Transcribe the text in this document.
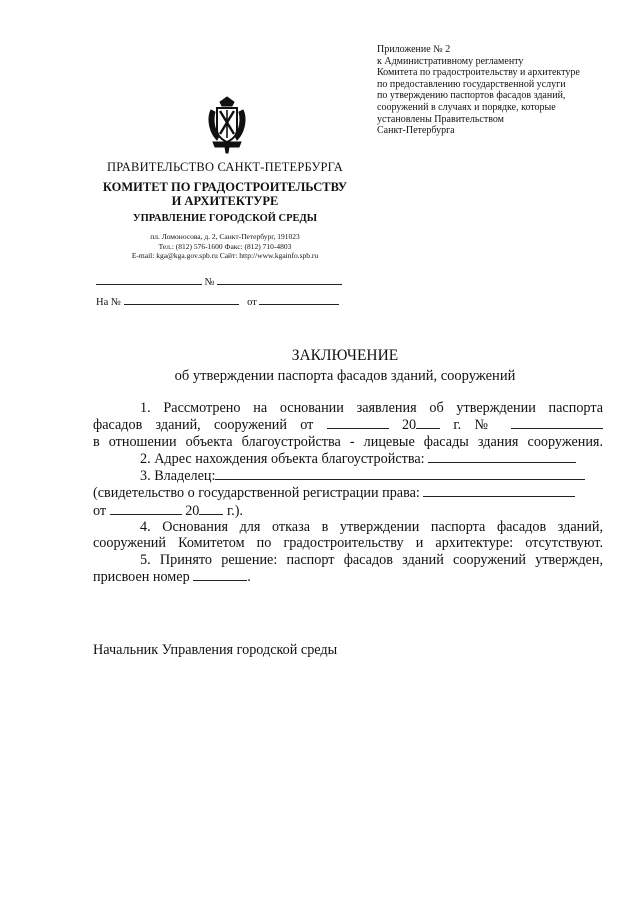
Приложение № 2
к Административному регламенту
Комитета по градостроительству и архитектуре
по предоставлению государственной услуги
по утверждению паспортов фасадов зданий,
сооружений в случаях и порядке, которые
установлены Правительством
Санкт-Петербурга
ПРАВИТЕЛЬСТВО САНКТ-ПЕТЕРБУРГА
КОМИТЕТ ПО ГРАДОСТРОИТЕЛЬСТВУ
И АРХИТЕКТУРЕ
УПРАВЛЕНИЕ ГОРОДСКОЙ СРЕДЫ
пл. Ломоносова, д. 2, Санкт-Петербург, 191023
Тел.: (812) 576-1600 Факс: (812) 710-4803
E-mail: kga@kga.gov.spb.ru Сайт: http://www.kgainfo.spb.ru
№
На №	от
ЗАКЛЮЧЕНИЕ
об утверждении паспорта фасадов зданий, сооружений
1. Рассмотрено на основании заявления об утверждении паспорта
фасадов зданий, сооружений от	20	г. №
в отношении объекта благоустройства - лицевые фасады здания сооружения.
2. Адрес нахождения объекта благоустройства:
3. Владелец:
(свидетельство о государственной регистрации права:
от	20 г.).
4. Основания для отказа в утверждении паспорта фасадов зданий,
сооружений Комитетом по градостроительству и архитектуре: отсутствуют.
5. Принято решение: паспорт фасадов зданий сооружений утвержден,
присвоен номер	.
Начальник Управления городской среды
